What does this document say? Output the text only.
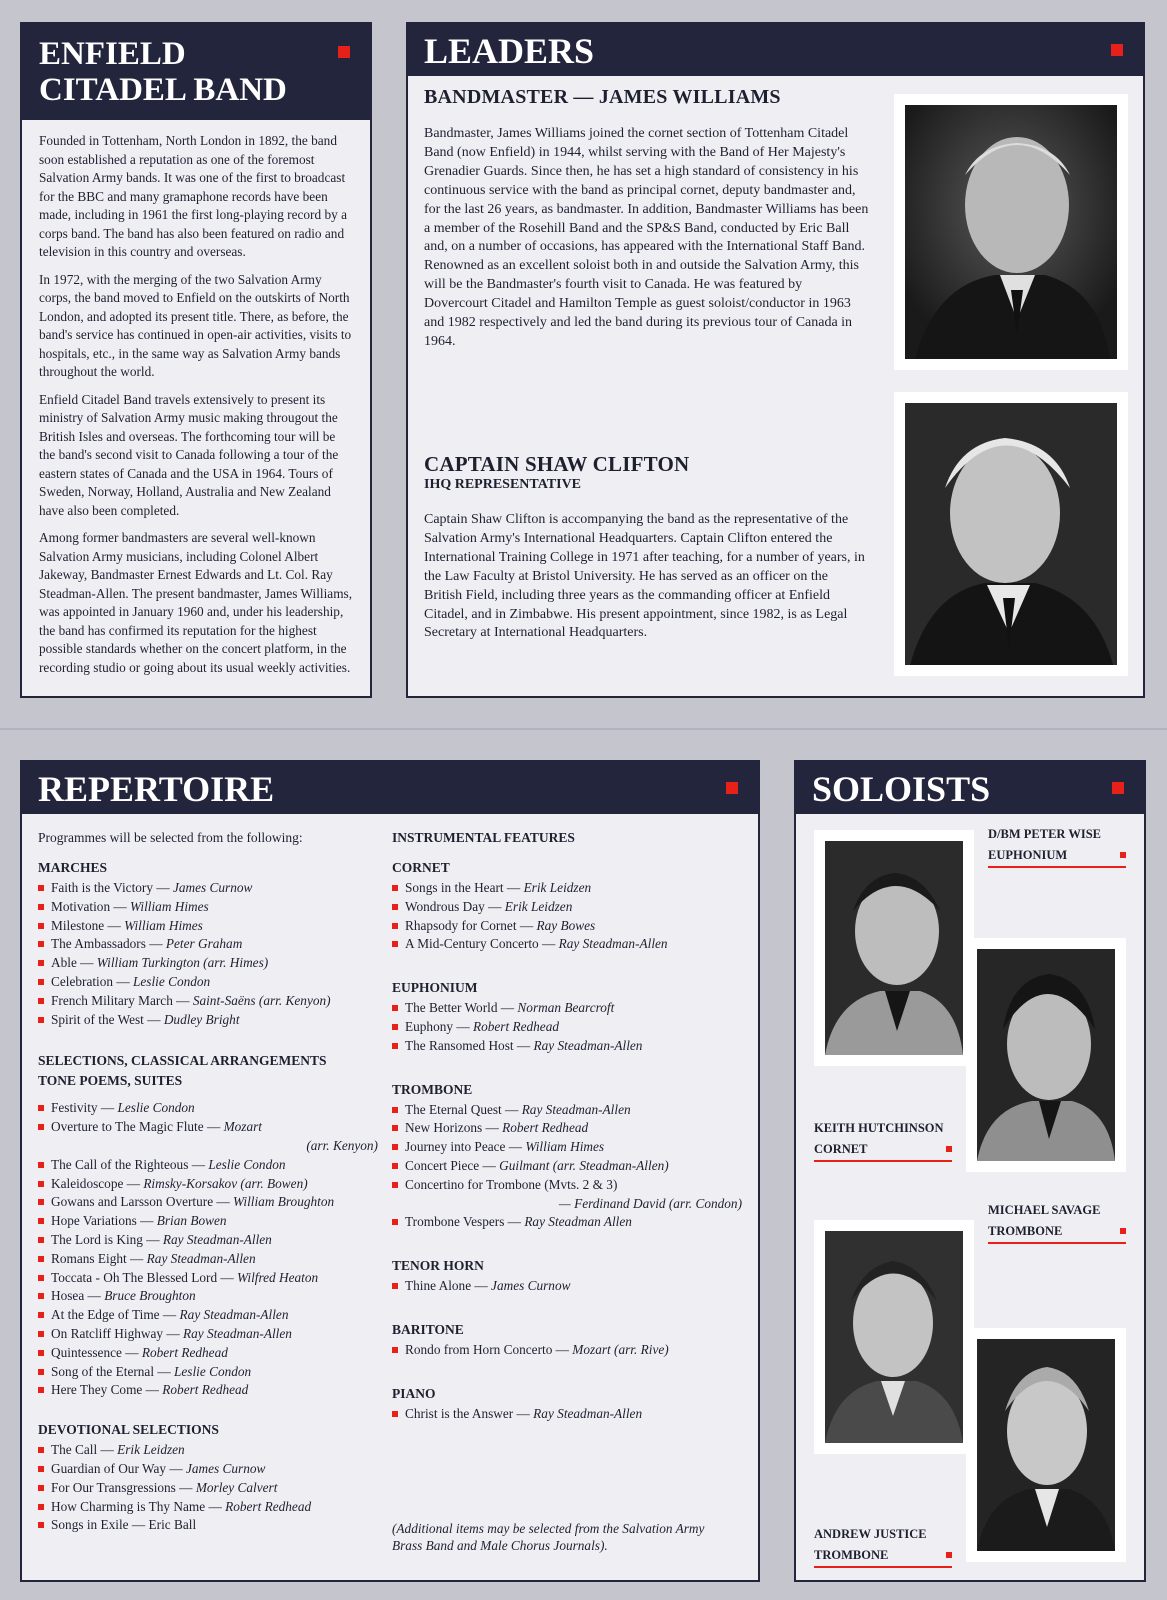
ENFIELD
CITADEL BAND

Founded in Tottenham, North London in 1892, the band soon established a reputation as one of the foremost Salvation Army bands. It was one of the first to broadcast for the BBC and many gramaphone records have been made, including in 1961 the first long-playing record by a corps band. The band has also been featured on radio and television in this country and overseas.

In 1972, with the merging of the two Salvation Army corps, the band moved to Enfield on the outskirts of North London, and adopted its present title. There, as before, the band's service has continued in open-air activities, visits to hospitals, etc., in the same way as Salvation Army bands throughout the world.

Enfield Citadel Band travels extensively to present its ministry of Salvation Army music making througout the British Isles and overseas. The forthcoming tour will be the band's second visit to Canada following a tour of the eastern states of Canada and the USA in 1964. Tours of Sweden, Norway, Holland, Australia and New Zealand have also been completed.

Among former bandmasters are several well-known Salvation Army musicians, including Colonel Albert Jakeway, Bandmaster Ernest Edwards and Lt. Col. Ray Steadman-Allen. The present bandmaster, James Williams, was appointed in January 1960 and, under his leadership, the band has confirmed its reputation for the highest possible standards whether on the concert platform, in the recording studio or going about its usual weekly activities.

LEADERS
BANDMASTER — JAMES WILLIAMS

Bandmaster, James Williams joined the cornet section of Tottenham Citadel Band (now Enfield) in 1944, whilst serving with the Band of Her Majesty's Grenadier Guards. Since then, he has set a high standard of consistency in his continuous service with the band as principal cornet, deputy bandmaster and, for the last 26 years, as bandmaster. In addition, Bandmaster Williams has been a member of the Rosehill Band and the SP&S Band, conducted by Eric Ball and, on a number of occasions, has appeared with the International Staff Band. Renowned as an excellent soloist both in and outside the Salvation Army, this will be the Bandmaster's fourth visit to Canada. He was featured by Dovercourt Citadel and Hamilton Temple as guest soloist/conductor in 1963 and 1982 respectively and led the band during its previous tour of Canada in 1964.

CAPTAIN SHAW CLIFTON
IHQ REPRESENTATIVE

Captain Shaw Clifton is accompanying the band as the representative of the Salvation Army's International Headquarters. Captain Clifton entered the International Training College in 1971 after teaching, for a number of years, in the Law Faculty at Bristol University. He has served as an officer on the British Field, including three years as the commanding officer at Enfield Citadel, and in Zimbabwe. His present appointment, since 1982, is as Legal Secretary at International Headquarters.

REPERTOIRE
Programmes will be selected from the following:
MARCHES
Faith is the Victory — James Curnow
Motivation — William Himes
Milestone — William Himes
The Ambassadors — Peter Graham
Able — William Turkington (arr. Himes)
Celebration — Leslie Condon
French Military March — Saint-Saëns (arr. Kenyon)
Spirit of the West — Dudley Bright
SELECTIONS, CLASSICAL ARRANGEMENTS
TONE POEMS, SUITES
Festivity — Leslie Condon
Overture to The Magic Flute — Mozart
(arr. Kenyon)
The Call of the Righteous — Leslie Condon
Kaleidoscope — Rimsky-Korsakov (arr. Bowen)
Gowans and Larsson Overture — William Broughton
Hope Variations — Brian Bowen
The Lord is King — Ray Steadman-Allen
Romans Eight — Ray Steadman-Allen
Toccata - Oh The Blessed Lord — Wilfred Heaton
Hosea — Bruce Broughton
At the Edge of Time — Ray Steadman-Allen
On Ratcliff Highway — Ray Steadman-Allen
Quintessence — Robert Redhead
Song of the Eternal — Leslie Condon
Here They Come — Robert Redhead
DEVOTIONAL SELECTIONS
The Call — Erik Leidzen
Guardian of Our Way — James Curnow
For Our Transgressions — Morley Calvert
How Charming is Thy Name — Robert Redhead
Songs in Exile — Eric Ball
INSTRUMENTAL FEATURES
CORNET
Songs in the Heart — Erik Leidzen
Wondrous Day — Erik Leidzen
Rhapsody for Cornet — Ray Bowes
A Mid-Century Concerto — Ray Steadman-Allen
EUPHONIUM
The Better World — Norman Bearcroft
Euphony — Robert Redhead
The Ransomed Host — Ray Steadman-Allen
TROMBONE
The Eternal Quest — Ray Steadman-Allen
New Horizons — Robert Redhead
Journey into Peace — William Himes
Concert Piece — Guilmant (arr. Steadman-Allen)
Concertino for Trombone (Mvts. 2 & 3)
— Ferdinand David (arr. Condon)
Trombone Vespers — Ray Steadman Allen
TENOR HORN
Thine Alone — James Curnow
BARITONE
Rondo from Horn Concerto — Mozart (arr. Rive)
PIANO
Christ is the Answer — Ray Steadman-Allen
(Additional items may be selected from the Salvation Army Brass Band and Male Chorus Journals).
SOLOISTS
D/BM PETER WISE
EUPHONIUM
KEITH HUTCHINSON
CORNET
MICHAEL SAVAGE
TROMBONE
ANDREW JUSTICE
TROMBONE
